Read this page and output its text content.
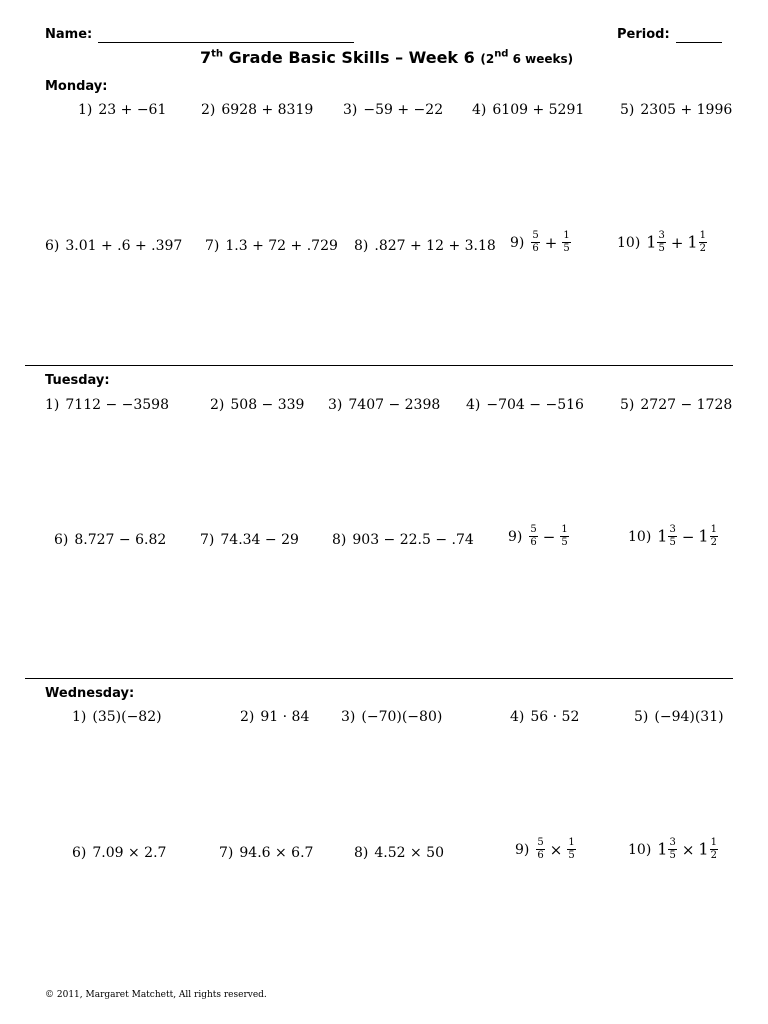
Name:	Period:
7th Grade Basic Skills – Week 6 (2nd 6 weeks)
Monday:
1) 23 + −61 2) 6928 + 8319 3) −59 + −22 4) 6109 + 5291	5) 2305 + 1996
6) 3.01 + .6 + .397 7) 1.3 + 72 + .729 8) .827 + 12 + 3.18 $9) \frac{5}{6} + \frac{1}{5}$	10) $1 \frac{3}{5} + 1 \frac{1}{2}$
Tuesday:
1) 7112 − −3598	2) 508 − 339 3) 7407 − 2398 4) −704 − −516	5) 2727 − 1728
6) 8.727 − 6.82 7) 74.34 − 29 8) 903 − 22.5 − .74 $9) \frac{5}{6} - \frac{1}{5}$	10) $1 \frac{3}{5} - 1 \frac{1}{2}$
Wednesday:
1) (35)(−82)	2) 91 · 84 3) (−70)(−80)	4) 56 · 52	5) (−94)(31)
6) 7.09 × 2.7	7) 94.6 × 6.7	8) 4.52 × 50	$9) \frac{5}{6} \times \frac{1}{5}$	10) $1 \frac{3}{5} \times 1 \frac{1}{2}$
© 2011, Margaret Matchett, All rights reserved.
